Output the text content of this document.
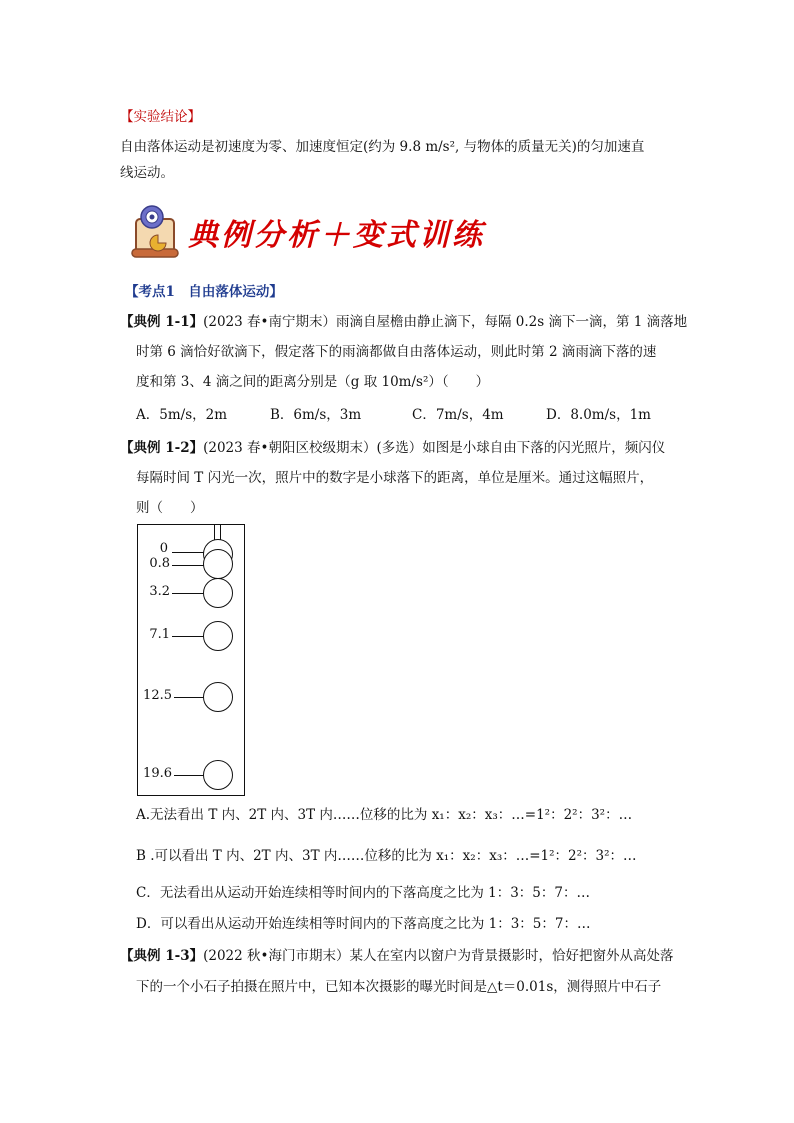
【实验结论】
自由落体运动是初速度为零、加速度恒定(约为 9.8 m/s², 与物体的质量无关)的匀加速直
线运动。
典例分析＋变式训练
【考点1　自由落体运动】
【典例 1-1】(2023 春•南宁期末）雨滴自屋檐由静止滴下，每隔 0.2s 滴下一滴，第 1 滴落地
时第 6 滴恰好欲滴下，假定落下的雨滴都做自由落体运动，则此时第 2 滴雨滴下落的速
度和第 3、4 滴之间的距离分别是（g 取 10m/s²）（　　）
A．5m/s，2m	B．6m/s，3m	C．7m/s，4m	D．8.0m/s，1m
【典例 1-2】(2023 春•朝阳区校级期末）(多选）如图是小球自由下落的闪光照片，频闪仪
每隔时间 T 闪光一次，照片中的数字是小球落下的距离，单位是厘米。通过这幅照片，
则（　　）
0
0.8
3.2
7.1
12.5
19.6
A.无法看出 T 内、2T 内、3T 内……位移的比为 x₁：x₂：x₃：…=1²：2²：3²：…
B .可以看出 T 内、2T 内、3T 内……位移的比为 x₁：x₂：x₃：…=1²：2²：3²：…
C．无法看出从运动开始连续相等时间内的下落高度之比为 1：3：5：7：…
D．可以看出从运动开始连续相等时间内的下落高度之比为 1：3：5：7：…
【典例 1-3】(2022 秋•海门市期末）某人在室内以窗户为背景摄影时，恰好把窗外从高处落
下的一个小石子拍摄在照片中，已知本次摄影的曝光时间是△t＝0.01s，测得照片中石子
